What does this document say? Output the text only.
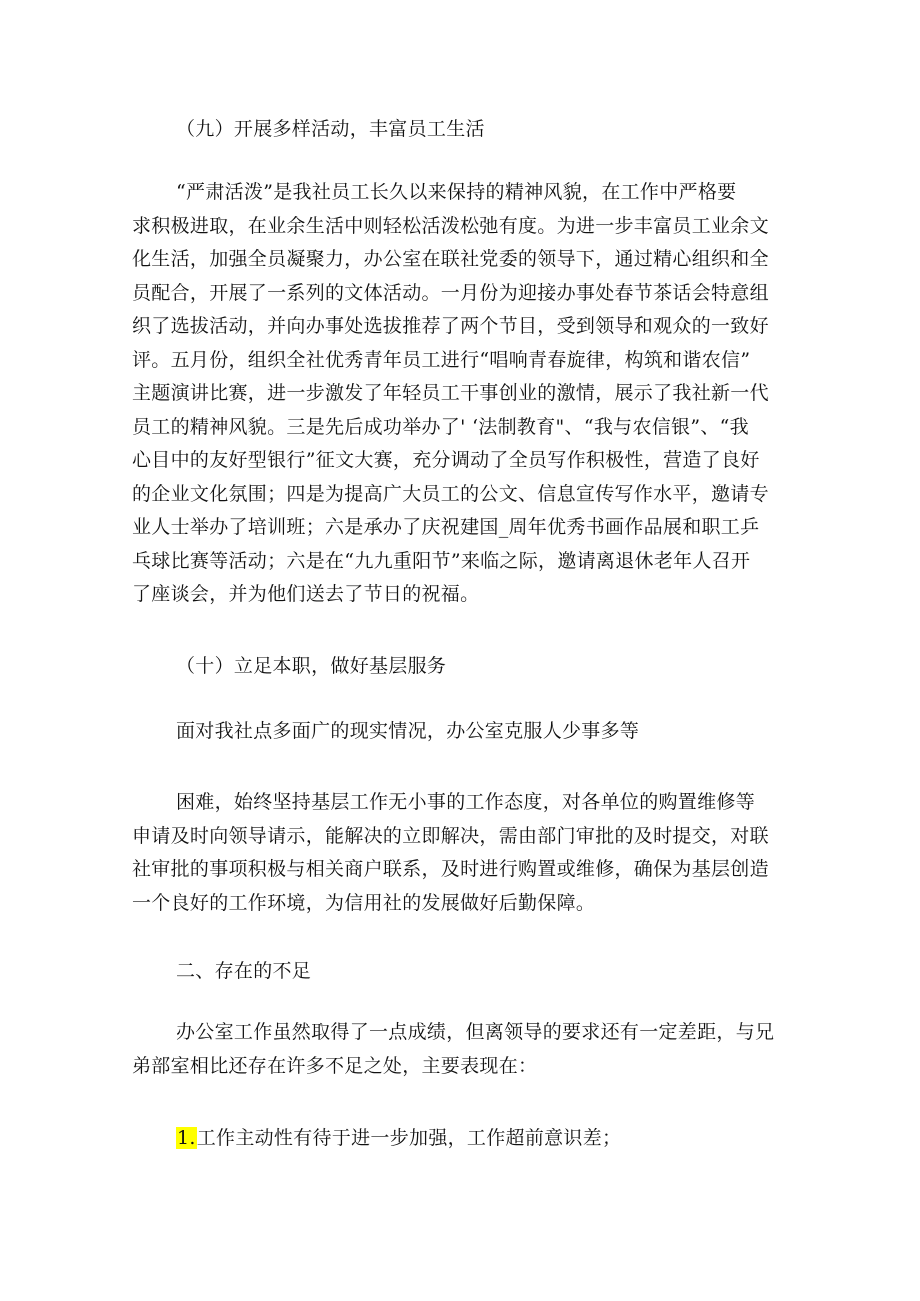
（九）开展多样活动，丰富员工生活
“严肃活泼”是我社员工长久以来保持的精神风貌，在工作中严格要
求积极进取，在业余生活中则轻松活泼松弛有度。为进一步丰富员工业余文
化生活，加强全员凝聚力，办公室在联社党委的领导下，通过精心组织和全
员配合，开展了一系列的文体活动。一月份为迎接办事处春节茶话会特意组
织了选拔活动，并向办事处选拔推荐了两个节目，受到领导和观众的一致好
评。五月份，组织全社优秀青年员工进行“唱响青春旋律，构筑和谐农信”
主题演讲比赛，进一步激发了年轻员工干事创业的激情，展示了我社新一代
员工的精神风貌。三是先后成功举办了' ‘法制教育"、“我与农信银”、“我
心目中的友好型银行”征文大赛，充分调动了全员写作积极性，营造了良好
的企业文化氛围；四是为提高广大员工的公文、信息宣传写作水平，邀请专
业人士举办了培训班；六是承办了庆祝建国_周年优秀书画作品展和职工乒
乓球比赛等活动；六是在“九九重阳节”来临之际，邀请离退休老年人召开
了座谈会，并为他们送去了节日的祝福。
（十）立足本职，做好基层服务
面对我社点多面广的现实情况，办公室克服人少事多等
困难，始终坚持基层工作无小事的工作态度，对各单位的购置维修等
申请及时向领导请示，能解决的立即解决，需由部门审批的及时提交，对联
社审批的事项积极与相关商户联系，及时进行购置或维修，确保为基层创造
一个良好的工作环境，为信用社的发展做好后勤保障。
二、存在的不足
办公室工作虽然取得了一点成绩，但离领导的要求还有一定差距，与兄
弟部室相比还存在许多不足之处，主要表现在：
1.工作主动性有待于进一步加强，工作超前意识差；
